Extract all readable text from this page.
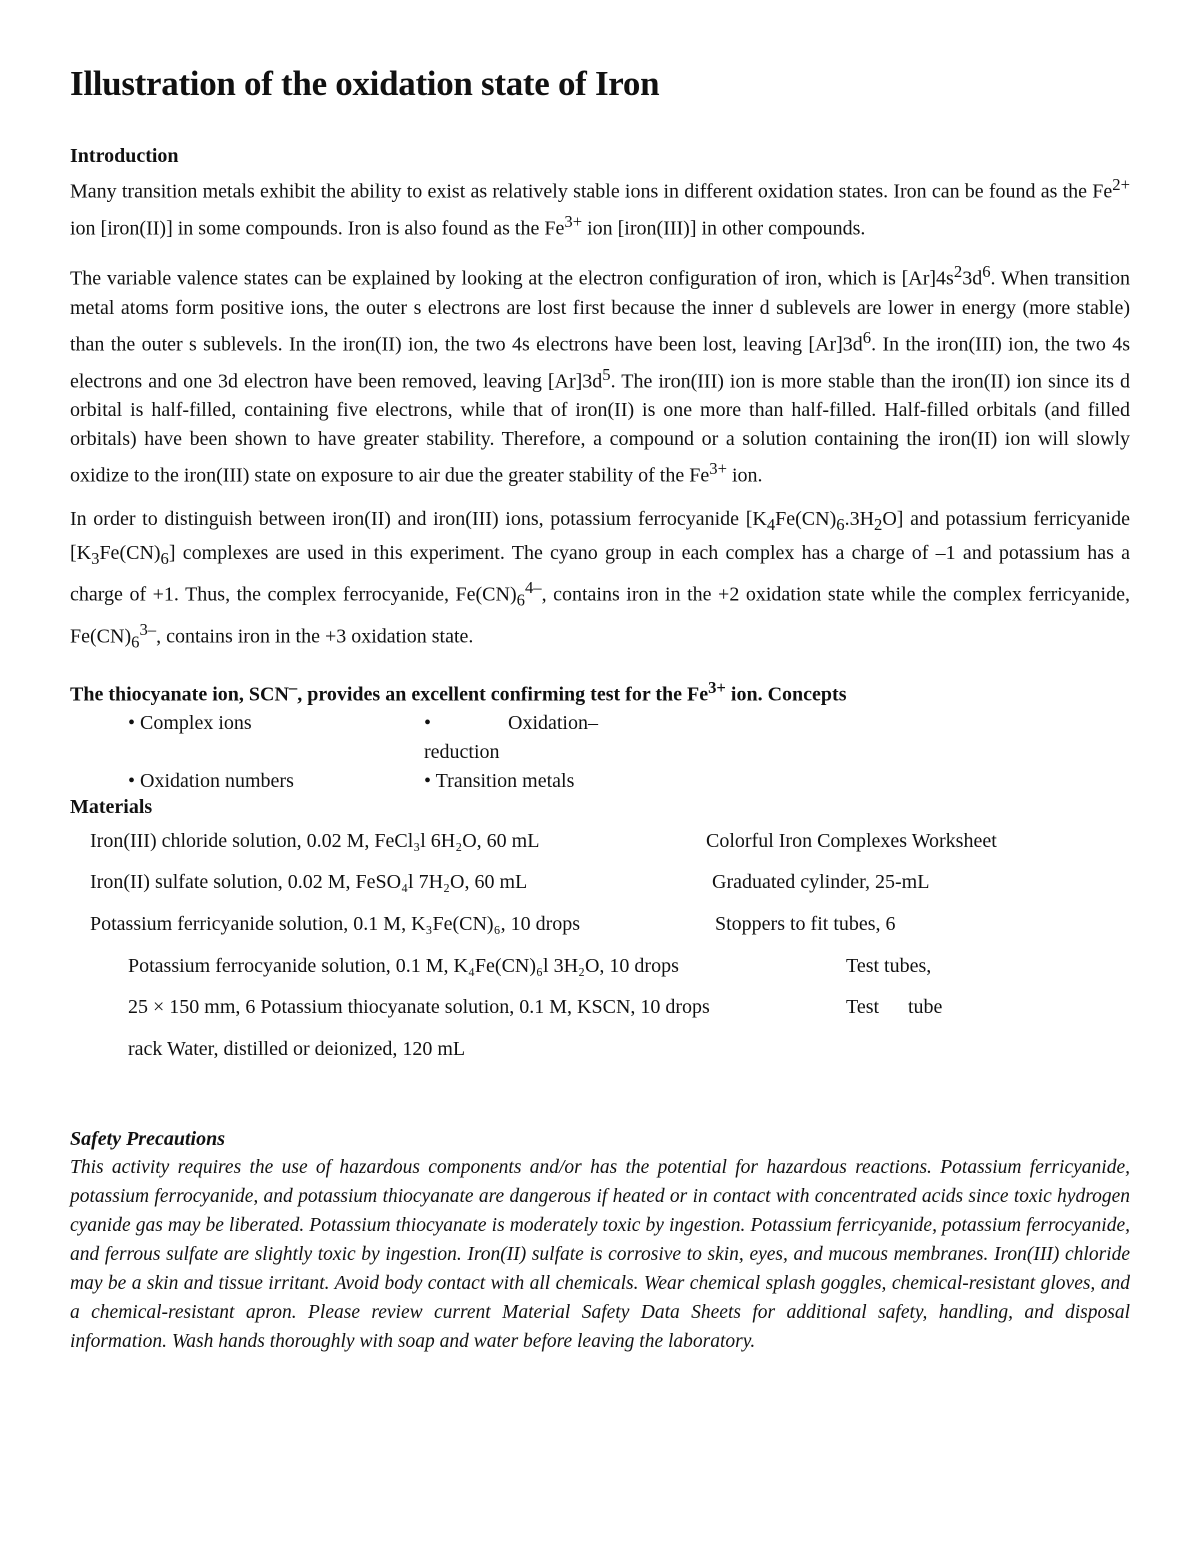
Illustration of the oxidation state of Iron
Introduction

Many transition metals exhibit the ability to exist as relatively stable ions in different oxidation states. Iron can be found as the $Fe^{2+}$ ion [iron(II)] in some compounds. Iron is also found as the $Fe^{3+}$ ion [iron(III)] in other compounds.

The variable valence states can be explained by looking at the electron configuration of iron, which is $[Ar]4s^23d^6$. When transition metal atoms form positive ions, the outer s electrons are lost first because the inner d sublevels are lower in energy (more stable) than the outer s sublevels. In the iron(II) ion, the two 4s electrons have been lost, leaving $[Ar]3d^6$. In the iron(III) ion, the two 4s electrons and one 3d electron have been removed, leaving $[Ar]3d^5$. The iron(III) ion is more stable than the iron(II) ion since its d orbital is half-filled, containing five electrons, while that of iron(II) is one more than half-filled. Half-filled orbitals (and filled orbitals) have been shown to have greater stability. Therefore, a compound or a solution containing the iron(II) ion will slowly oxidize to the iron(III) state on exposure to air due the greater stability of the $Fe^{3+}$ ion.

In order to distinguish between iron(II) and iron(III) ions, potassium ferrocyanide $[K_4Fe(CN)_6.3H_2O]$ and potassium ferricyanide $[K_3Fe(CN)_6]$ complexes are used in this experiment. The cyano group in each complex has a charge of –1 and potassium has a charge of +1. Thus, the complex ferrocyanide, $Fe(CN)_6^{4-}$, contains iron in the +2 oxidation state while the complex ferricyanide, $Fe(CN)_6^{3-}$, contains iron in the +3 oxidation state.

The thiocyanate ion, SCN–, provides an excellent confirming test for the $Fe^{3+}$ ion. Concepts
• Complex ions	•	Oxidation–
reduction
• Oxidation numbers	• Transition metals
Materials
Iron(III) chloride solution, 0.02 M, FeCl₃l 6H₂O, 60 mL	Colorful Iron Complexes Worksheet
Iron(II) sulfate solution, 0.02 M, FeSO₄l 7H₂O, 60 mL	Graduated cylinder, 25-mL
Potassium ferricyanide solution, 0.1 M, K₃Fe(CN)₆, 10 drops	Stoppers to fit tubes, 6
Potassium ferrocyanide solution, 0.1 M, K₄Fe(CN)₆l 3H₂O, 10 drops	Test tubes,
25 × 150 mm, 6 Potassium thiocyanate solution, 0.1 M, KSCN, 10 drops	Test tube
rack Water, distilled or deionized, 120 mL
Safety Precautions

This activity requires the use of hazardous components and/or has the potential for hazardous reactions. Potassium ferricyanide, potassium ferrocyanide, and potassium thiocyanate are dangerous if heated or in contact with concentrated acids since toxic hydrogen cyanide gas may be liberated. Potassium thiocyanate is moderately toxic by ingestion. Potassium ferricyanide, potassium ferrocyanide, and ferrous sulfate are slightly toxic by ingestion. Iron(II) sulfate is corrosive to skin, eyes, and mucous membranes. Iron(III) chloride may be a skin and tissue irritant. Avoid body contact with all chemicals. Wear chemical splash goggles, chemical-resistant gloves, and a chemical-resistant apron. Please review current Material Safety Data Sheets for additional safety, handling, and disposal information. Wash hands thoroughly with soap and water before leaving the laboratory.
